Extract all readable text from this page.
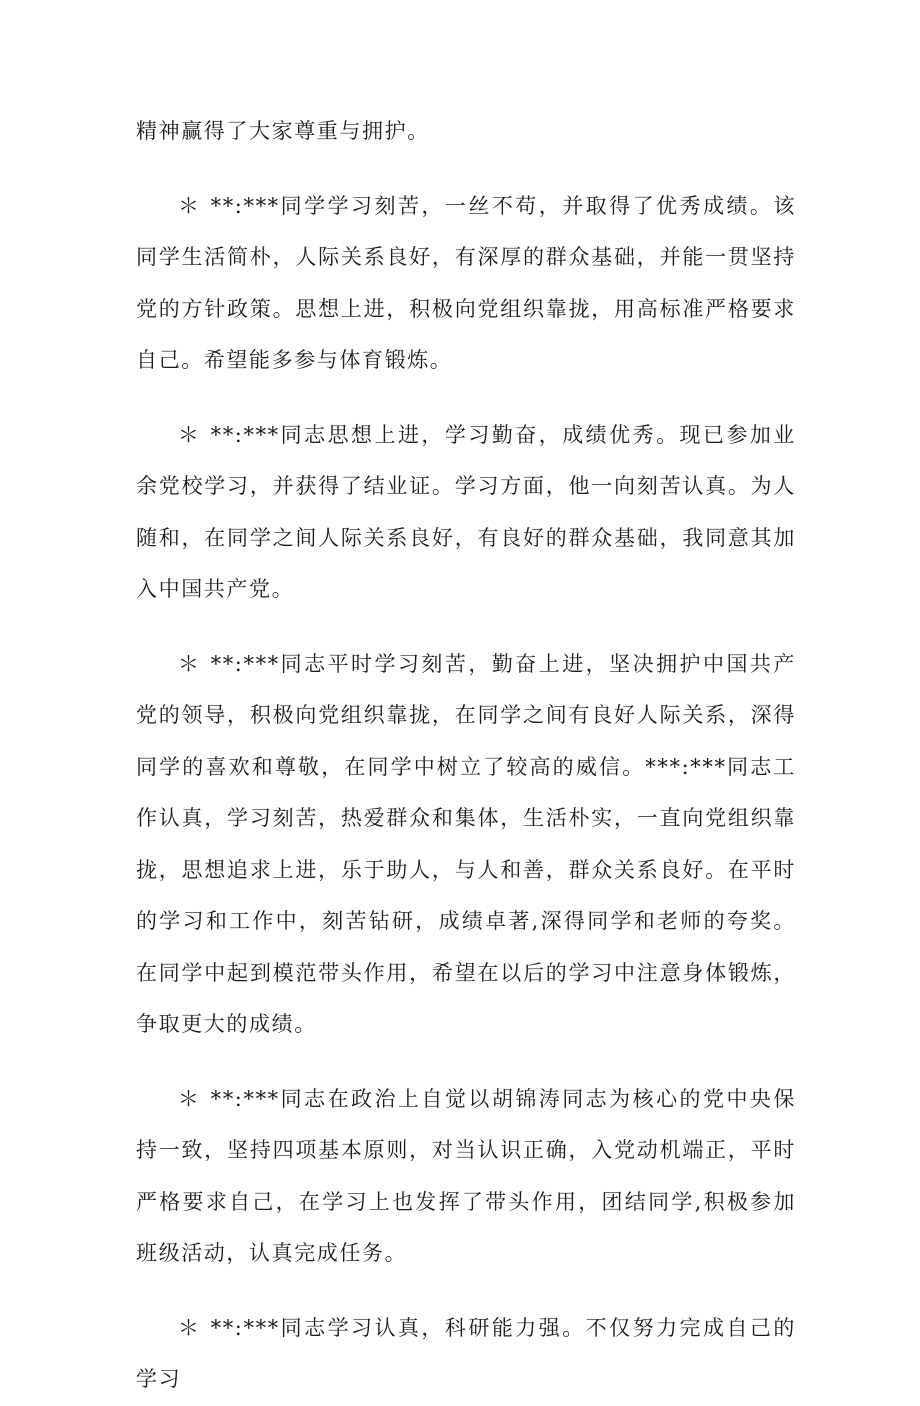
精神赢得了大家尊重与拥护。

＊ **:***同学学习刻苦，一丝不苟，并取得了优秀成绩。该同学生活简朴，人际关系良好，有深厚的群众基础，并能一贯坚持党的方针政策。思想上进，积极向党组织靠拢，用高标准严格要求自己。希望能多参与体育锻炼。

＊ **:***同志思想上进，学习勤奋，成绩优秀。现已参加业余党校学习，并获得了结业证。学习方面，他一向刻苦认真。为人随和，在同学之间人际关系良好，有良好的群众基础，我同意其加入中国共产党。

＊ **:***同志平时学习刻苦，勤奋上进，坚决拥护中国共产党的领导，积极向党组织靠拢，在同学之间有良好人际关系，深得同学的喜欢和尊敬，在同学中树立了较高的威信。***:***同志工作认真，学习刻苦，热爱群众和集体，生活朴实，一直向党组织靠拢，思想追求上进，乐于助人，与人和善，群众关系良好。在平时的学习和工作中，刻苦钻研，成绩卓著,深得同学和老师的夸奖。在同学中起到模范带头作用，希望在以后的学习中注意身体锻炼，争取更大的成绩。

＊ **:***同志在政治上自觉以胡锦涛同志为核心的党中央保持一致，坚持四项基本原则，对当认识正确，入党动机端正，平时严格要求自己，在学习上也发挥了带头作用，团结同学,积极参加班级活动，认真完成任务。

＊ **:***同志学习认真，科研能力强。不仅努力完成自己的学习
